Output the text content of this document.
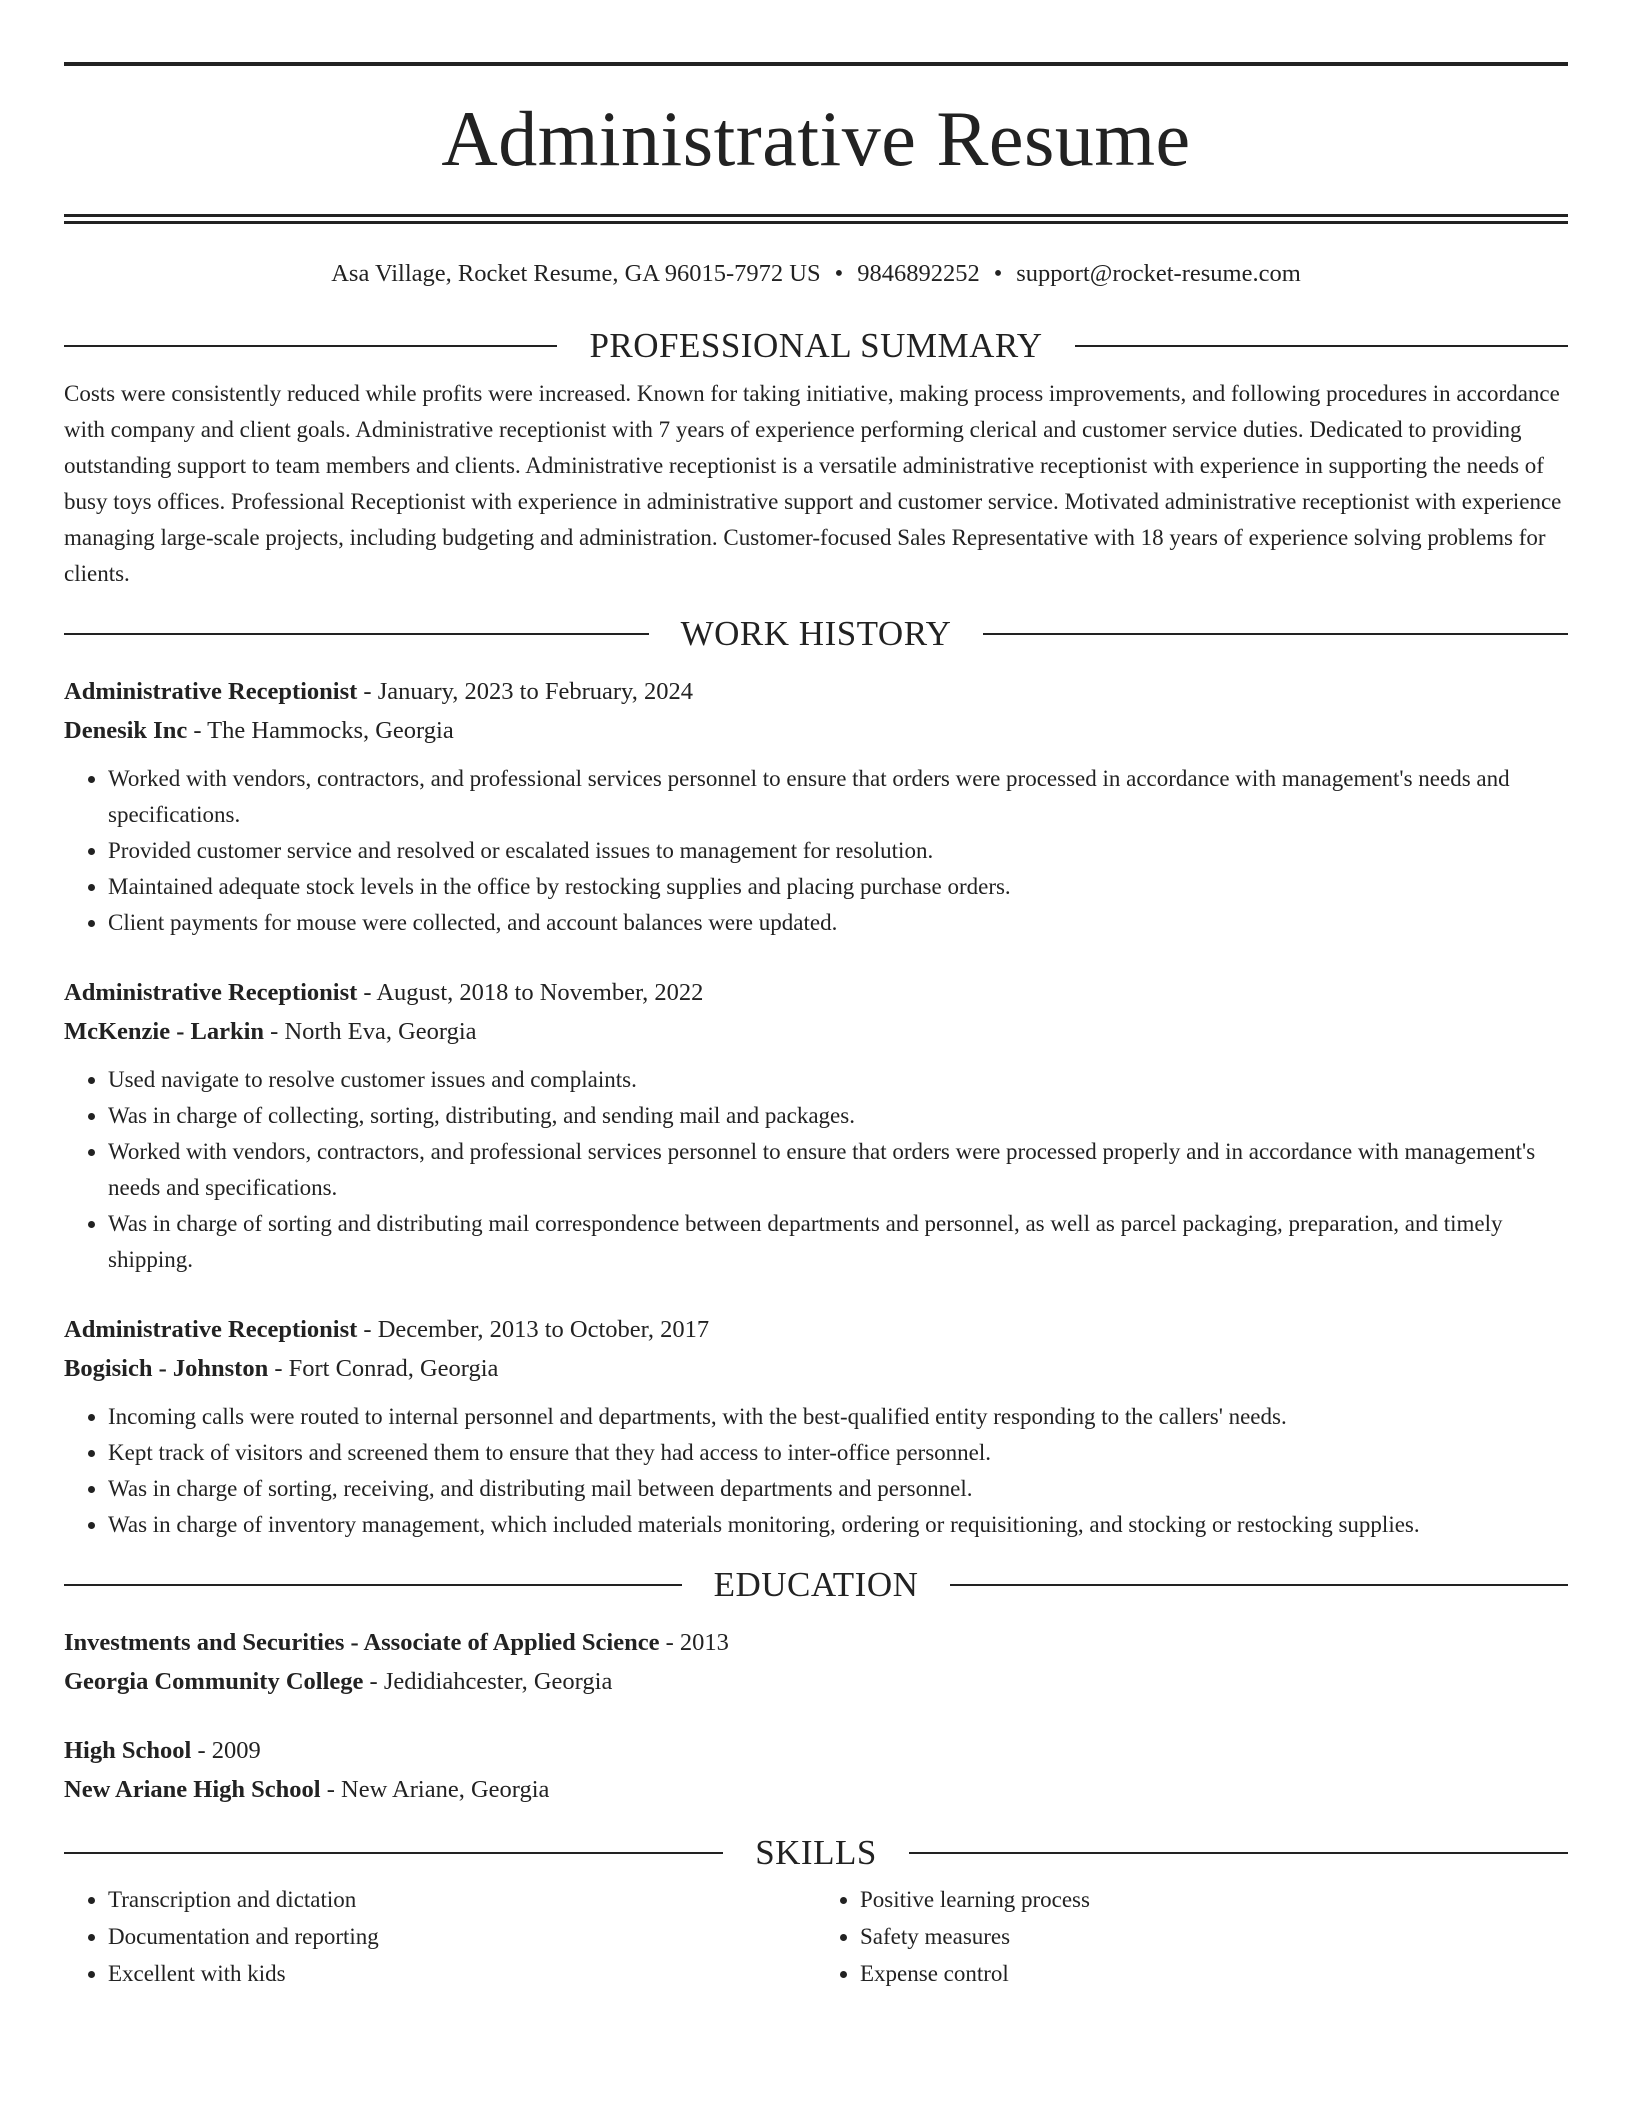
Administrative Resume
Asa Village, Rocket Resume, GA 96015-7972 US • 9846892252 • support@rocket-resume.com
PROFESSIONAL SUMMARY

Costs were consistently reduced while profits were increased. Known for taking initiative, making process improvements, and following procedures in accordance with company and client goals. Administrative receptionist with 7 years of experience performing clerical and customer service duties. Dedicated to providing outstanding support to team members and clients. Administrative receptionist is a versatile administrative receptionist with experience in supporting the needs of busy toys offices. Professional Receptionist with experience in administrative support and customer service. Motivated administrative receptionist with experience managing large-scale projects, including budgeting and administration. Customer-focused Sales Representative with 18 years of experience solving problems for clients.

WORK HISTORY
Administrative Receptionist - January, 2023 to February, 2024
Denesik Inc - The Hammocks, Georgia
• Worked with vendors, contractors, and professional services personnel to ensure that orders were processed in accordance with management's needs and specifications.
• Provided customer service and resolved or escalated issues to management for resolution.
• Maintained adequate stock levels in the office by restocking supplies and placing purchase orders.
• Client payments for mouse were collected, and account balances were updated.
Administrative Receptionist - August, 2018 to November, 2022
McKenzie - Larkin - North Eva, Georgia
• Used navigate to resolve customer issues and complaints.
• Was in charge of collecting, sorting, distributing, and sending mail and packages.
• Worked with vendors, contractors, and professional services personnel to ensure that orders were processed properly and in accordance with management's needs and specifications.
• Was in charge of sorting and distributing mail correspondence between departments and personnel, as well as parcel packaging, preparation, and timely shipping.
Administrative Receptionist - December, 2013 to October, 2017
Bogisich - Johnston - Fort Conrad, Georgia
• Incoming calls were routed to internal personnel and departments, with the best-qualified entity responding to the callers' needs.
• Kept track of visitors and screened them to ensure that they had access to inter-office personnel.
• Was in charge of sorting, receiving, and distributing mail between departments and personnel.
• Was in charge of inventory management, which included materials monitoring, ordering or requisitioning, and stocking or restocking supplies.
EDUCATION
Investments and Securities - Associate of Applied Science - 2013
Georgia Community College - Jedidiahcester, Georgia
High School - 2009
New Ariane High School - New Ariane, Georgia
SKILLS
• Transcription and dictation
• Documentation and reporting
• Excellent with kids
• Positive learning process
• Safety measures
• Expense control
